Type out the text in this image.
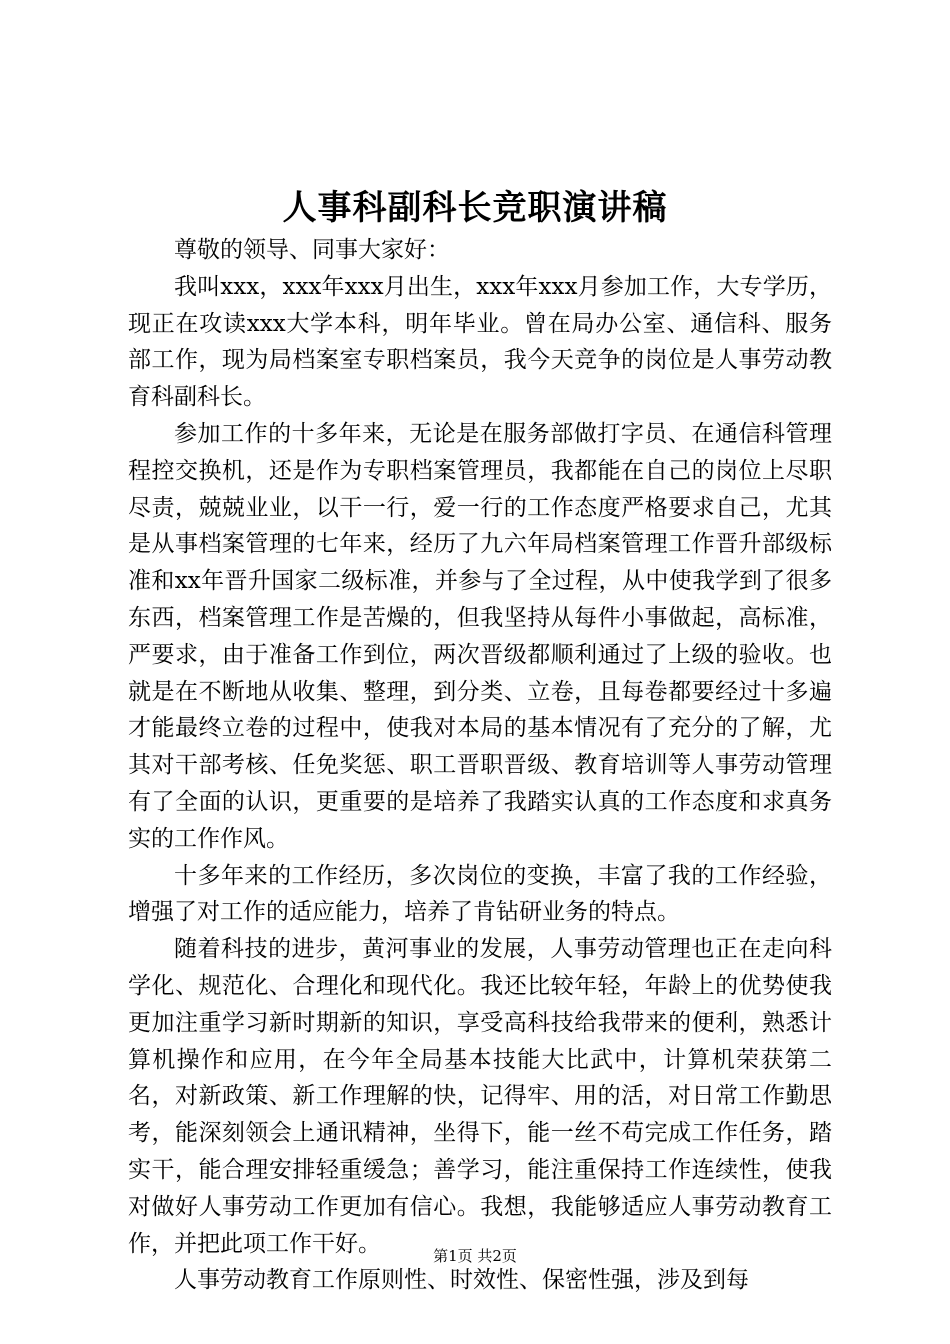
人事科副科长竞职演讲稿

尊敬的领导、同事大家好：

我叫xxx，xxx年xxx月出生，xxx年xxx月参加工作，大专学历，现正在攻读xxx大学本科，明年毕业。曾在局办公室、通信科、服务部工作，现为局档案室专职档案员，我今天竞争的岗位是人事劳动教育科副科长。

参加工作的十多年来，无论是在服务部做打字员、在通信科管理程控交换机，还是作为专职档案管理员，我都能在自己的岗位上尽职尽责，兢兢业业，以干一行，爱一行的工作态度严格要求自己，尤其是从事档案管理的七年来，经历了九六年局档案管理工作晋升部级标准和xx年晋升国家二级标准，并参与了全过程，从中使我学到了很多东西，档案管理工作是苦燥的，但我坚持从每件小事做起，高标准，严要求，由于准备工作到位，两次晋级都顺利通过了上级的验收。也就是在不断地从收集、整理，到分类、立卷，且每卷都要经过十多遍才能最终立卷的过程中，使我对本局的基本情况有了充分的了解，尤其对干部考核、任免奖惩、职工晋职晋级、教育培训等人事劳动管理有了全面的认识，更重要的是培养了我踏实认真的工作态度和求真务实的工作作风。

十多年来的工作经历，多次岗位的变换，丰富了我的工作经验，增强了对工作的适应能力，培养了肯钻研业务的特点。

随着科技的进步，黄河事业的发展，人事劳动管理也正在走向科学化、规范化、合理化和现代化。我还比较年轻，年龄上的优势使我更加注重学习新时期新的知识，享受高科技给我带来的便利，熟悉计算机操作和应用，在今年全局基本技能大比武中，计算机荣获第二名，对新政策、新工作理解的快，记得牢、用的活，对日常工作勤思考，能深刻领会上通讯精神，坐得下，能一丝不苟完成工作任务，踏实干，能合理安排轻重缓急；善学习，能注重保持工作连续性，使我对做好人事劳动工作更加有信心。我想，我能够适应人事劳动教育工作，并把此项工作干好。

人事劳动教育工作原则性、时效性、保密性强，涉及到每

第1页 共2页
